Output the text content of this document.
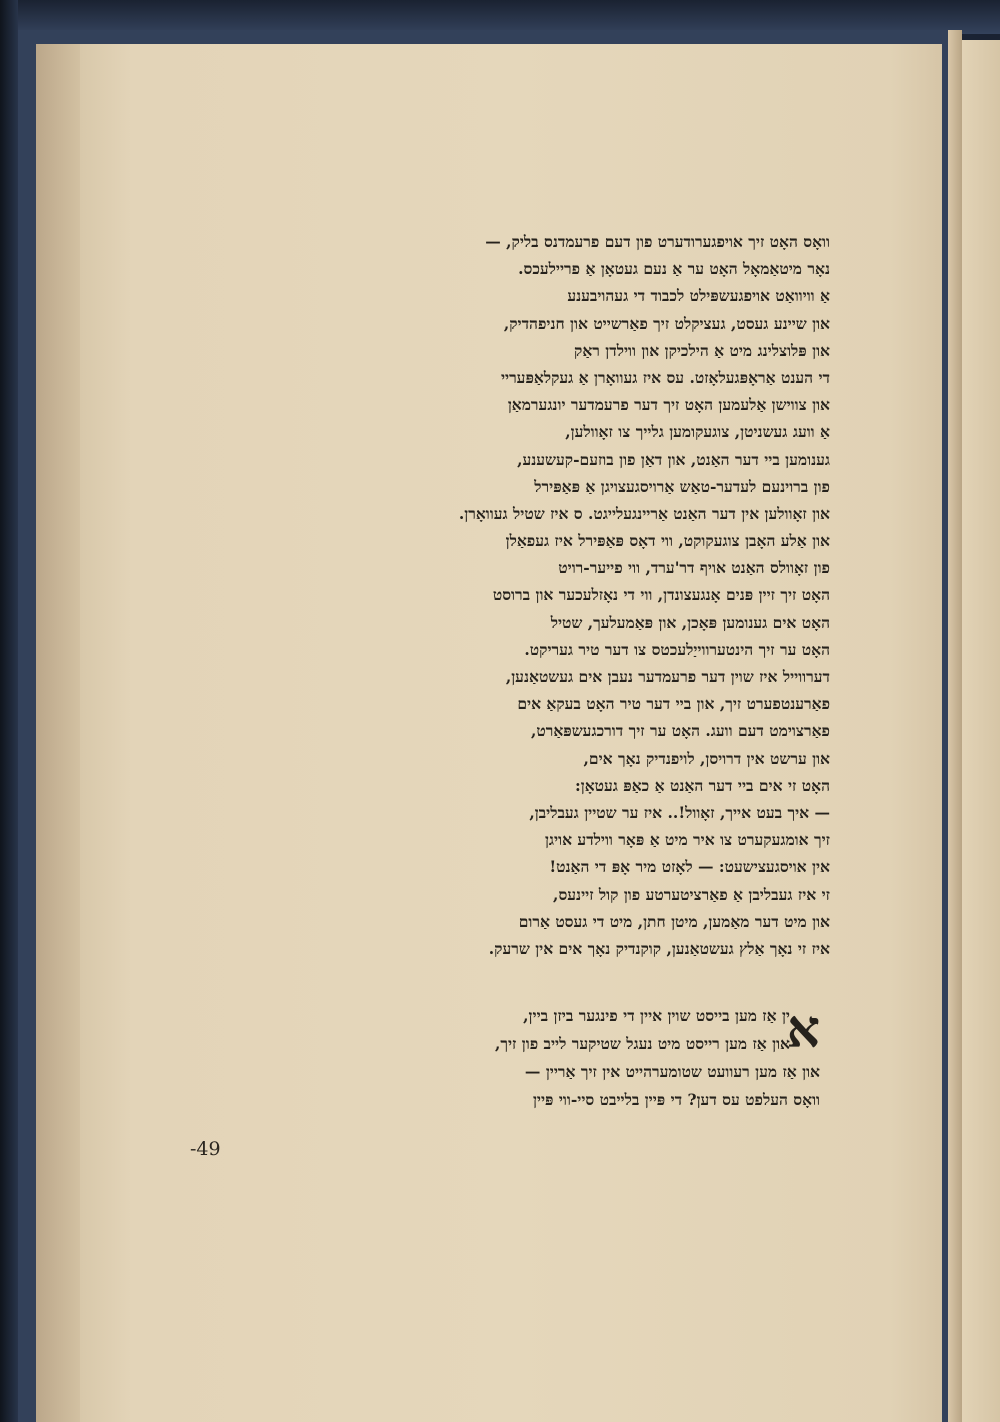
וואָס האָט זיך אויפגערודערט פון דעם פרעמדנס בליק, —
נאָר מיטאַמאָל האָט ער אַ נעם געטאָן אַ פריילעכס.
אַ וויוואַט אויפגעשפּילט לכבוד די געהויבענע
און שיינע געסט, געציקלט זיך פאַרשייט און חניפהדיק,
און פּלוצלינג מיט אַ הילכיקן און ווילדן ראַק
די הענט אַראָפּגעלאָזט. עס איז געוואָרן אַ געקלאַפּעריי
און צווישן אַלעמען האָט זיך דער פרעמדער יונגערמאַן
אַ וועג געשניטן, צוגעקומען גלייך צו זאָוולען,
גענומען ביי דער האַנט, און דאַן פון בוזעם-קעשענע,
פון ברוינעם לעדער-טאַש אַרויסגעצויגן אַ פּאַפּירל
און זאָוולען אין דער האַנט אַריינגעלייגט. ס איז שטיל געוואָרן.
און אַלע האָבן צוגעקוקט, ווי דאָס פּאַפּירל איז געפאַלן
פון זאָוולס האַנט אויף דר'ערד, ווי פייער-רויט
האָט זיך זיין פּנים אָנגעצונדן, ווי די נאָזלעכער און ברוסט
האָט אים גענומען פּאָכן, און פּאַמעלעך, שטיל
האָט ער זיך הינטערווייַלעכטס צו דער טיר געריקט.
דערווייל איז שוין דער פרעמדער נעבן אים געשטאַנען,
פאַרענטפערט זיך, און ביי דער טיר האָט בעקאַ אים
פאַרצוימט דעם וועג. האָט ער זיך דורכגעשפּאַרט,
און ערשט אין דרויסן, לויפנדיק נאָך אים,
האָט זי אים ביי דער האַנט אַ כאַפּ געטאָן:
— איך בעט אייך, זאָוול!.. איז ער שטיין געבליבן,
זיך אומגעקערט צו איר מיט אַ פּאָר ווילדע אויגן
אין אויסגעצישעט: — לאָזט מיר אָפּ די האַנט!
זי איז געבליבן אַ פאַרציטערטע פון קול זיינעס,
און מיט דער מאַמען, מיטן חתן, מיט די געסט אַרום
איז זי נאָך אַלץ געשטאַנען, קוקנדיק נאָך אים אין שרעק.
א
ין אַז מען בייסט שוין איין די פינגער ביזן ביין,
און אַז מען רייסט מיט נעגל שטיקער לייב פון זיך,
און אַז מען רעוועט שטומערהייט אין זיך אַריין —
וואָס העלפט עס דען? די פּיין בלייבט סיי-ווי פּיין
-49
